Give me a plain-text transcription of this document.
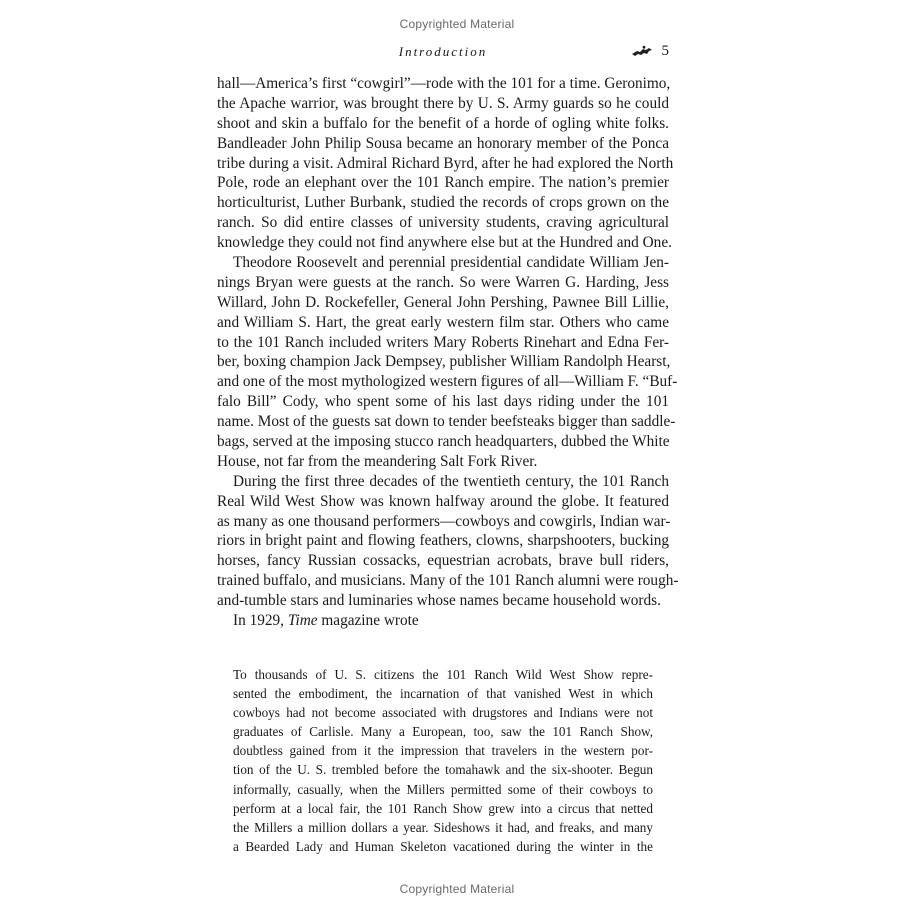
Copyrighted Material
Introduction	5
hall—America’s first “cowgirl”—rode with the 101 for a time. Geronimo,
the Apache warrior, was brought there by U. S. Army guards so he could
shoot and skin a buffalo for the benefit of a horde of ogling white folks.
Bandleader John Philip Sousa became an honorary member of the Ponca
tribe during a visit. Admiral Richard Byrd, after he had explored the North
Pole, rode an elephant over the 101 Ranch empire. The nation’s premier
horticulturist, Luther Burbank, studied the records of crops grown on the
ranch. So did entire classes of university students, craving agricultural
knowledge they could not find anywhere else but at the Hundred and One.
Theodore Roosevelt and perennial presidential candidate William Jen-
nings Bryan were guests at the ranch. So were Warren G. Harding, Jess
Willard, John D. Rockefeller, General John Pershing, Pawnee Bill Lillie,
and William S. Hart, the great early western film star. Others who came
to the 101 Ranch included writers Mary Roberts Rinehart and Edna Fer-
ber, boxing champion Jack Dempsey, publisher William Randolph Hearst,
and one of the most mythologized western figures of all—William F. “Buf-
falo Bill” Cody, who spent some of his last days riding under the 101
name. Most of the guests sat down to tender beefsteaks bigger than saddle-
bags, served at the imposing stucco ranch headquarters, dubbed the White
House, not far from the meandering Salt Fork River.
During the first three decades of the twentieth century, the 101 Ranch
Real Wild West Show was known halfway around the globe. It featured
as many as one thousand performers—cowboys and cowgirls, Indian war-
riors in bright paint and flowing feathers, clowns, sharpshooters, bucking
horses, fancy Russian cossacks, equestrian acrobats, brave bull riders,
trained buffalo, and musicians. Many of the 101 Ranch alumni were rough-
and-tumble stars and luminaries whose names became household words.
In 1929, Time magazine wrote
To thousands of U. S. citizens the 101 Ranch Wild West Show repre-
sented the embodiment, the incarnation of that vanished West in which
cowboys had not become associated with drugstores and Indians were not
graduates of Carlisle. Many a European, too, saw the 101 Ranch Show,
doubtless gained from it the impression that travelers in the western por-
tion of the U. S. trembled before the tomahawk and the six-shooter. Begun
informally, casually, when the Millers permitted some of their cowboys to
perform at a local fair, the 101 Ranch Show grew into a circus that netted
the Millers a million dollars a year. Sideshows it had, and freaks, and many
a Bearded Lady and Human Skeleton vacationed during the winter in the
Copyrighted Material
